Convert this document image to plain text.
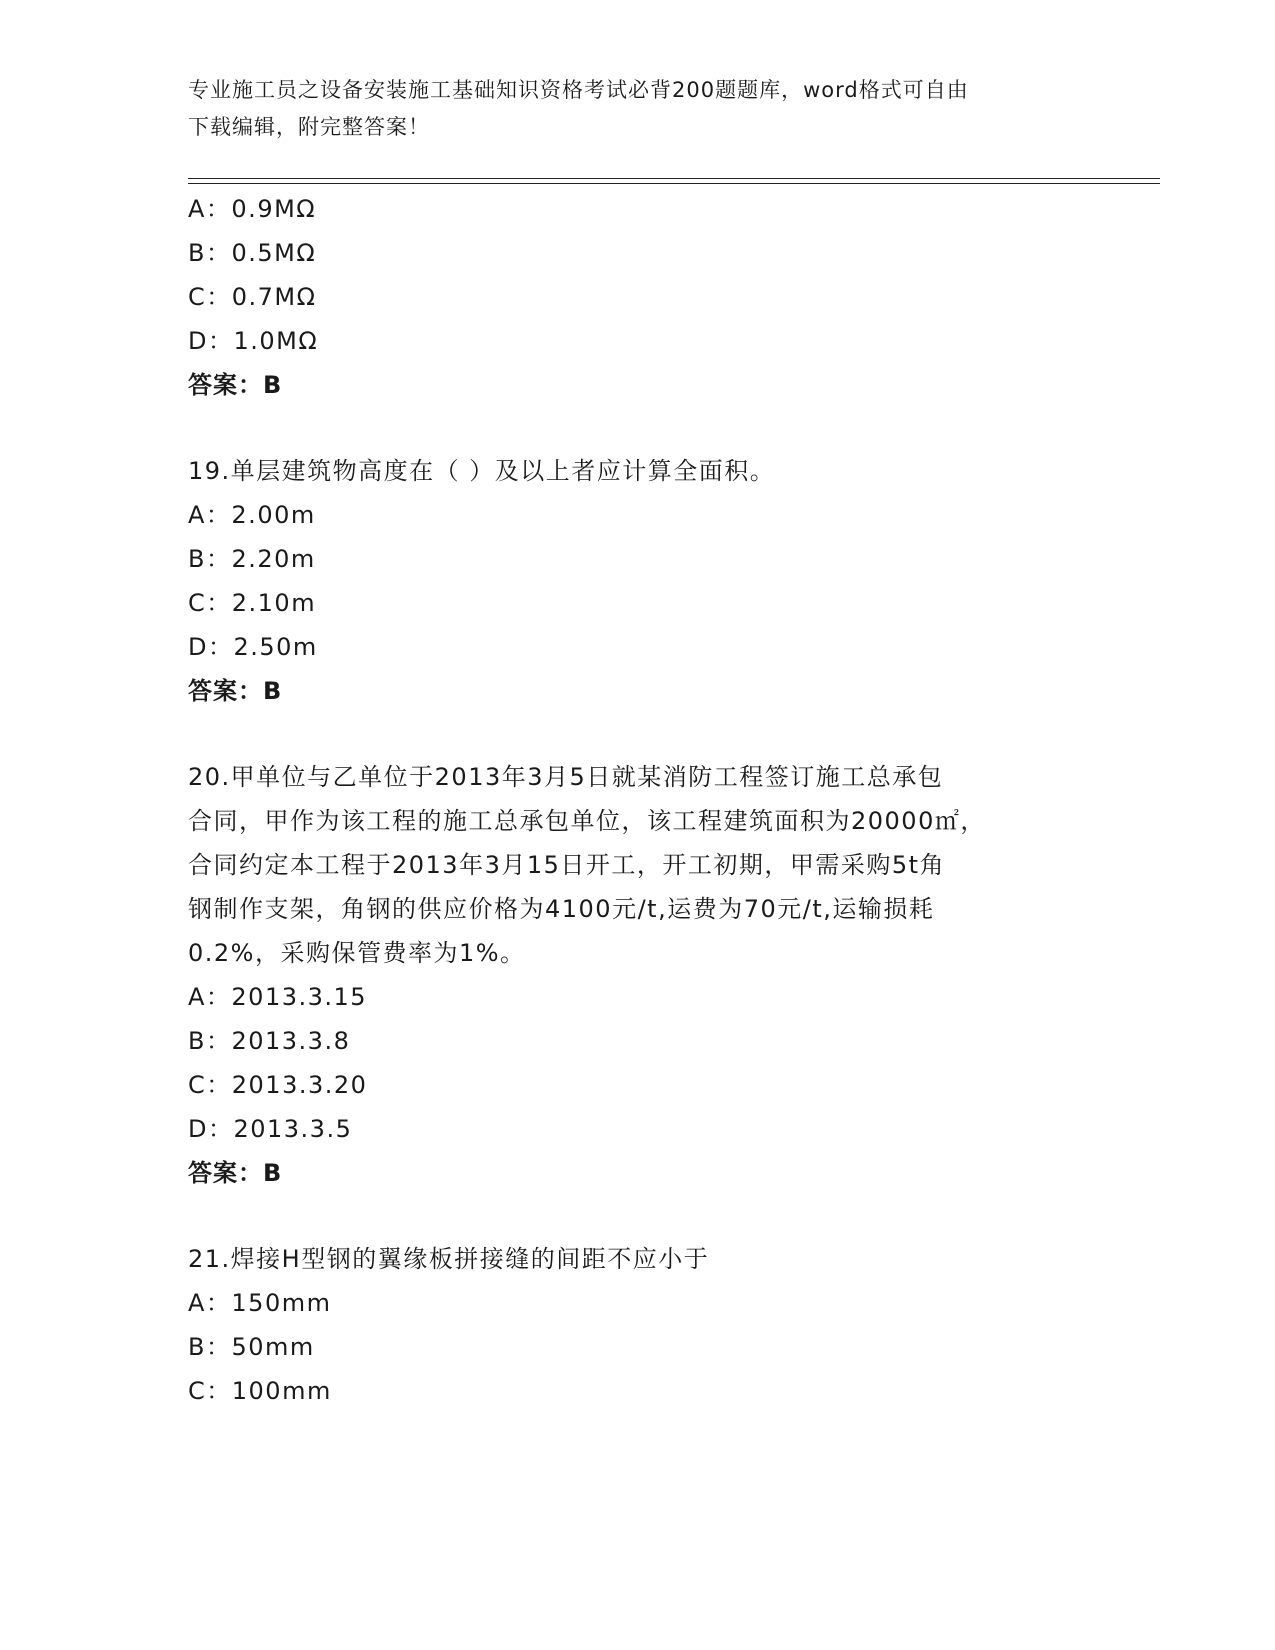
专业施工员之设备安装施工基础知识资格考试必背200题题库，word格式可自由
下载编辑，附完整答案！
A：0.9MΩ
B：0.5MΩ
C：0.7MΩ
D：1.0MΩ
答案：B
19.单层建筑物高度在（ ）及以上者应计算全面积。
A：2.00m
B：2.20m
C：2.10m
D：2.50m
答案：B
20.甲单位与乙单位于2013年3月5日就某消防工程签订施工总承包
合同，甲作为该工程的施工总承包单位，该工程建筑面积为20000㎡，
合同约定本工程于2013年3月15日开工，开工初期，甲需采购5t角
钢制作支架，角钢的供应价格为4100元/t,运费为70元/t,运输损耗
0.2%，采购保管费率为1%。
A：2013.3.15
B：2013.3.8
C：2013.3.20
D：2013.3.5
答案：B
21.焊接H型钢的翼缘板拼接缝的间距不应小于
A：150mm
B：50mm
C：100mm
